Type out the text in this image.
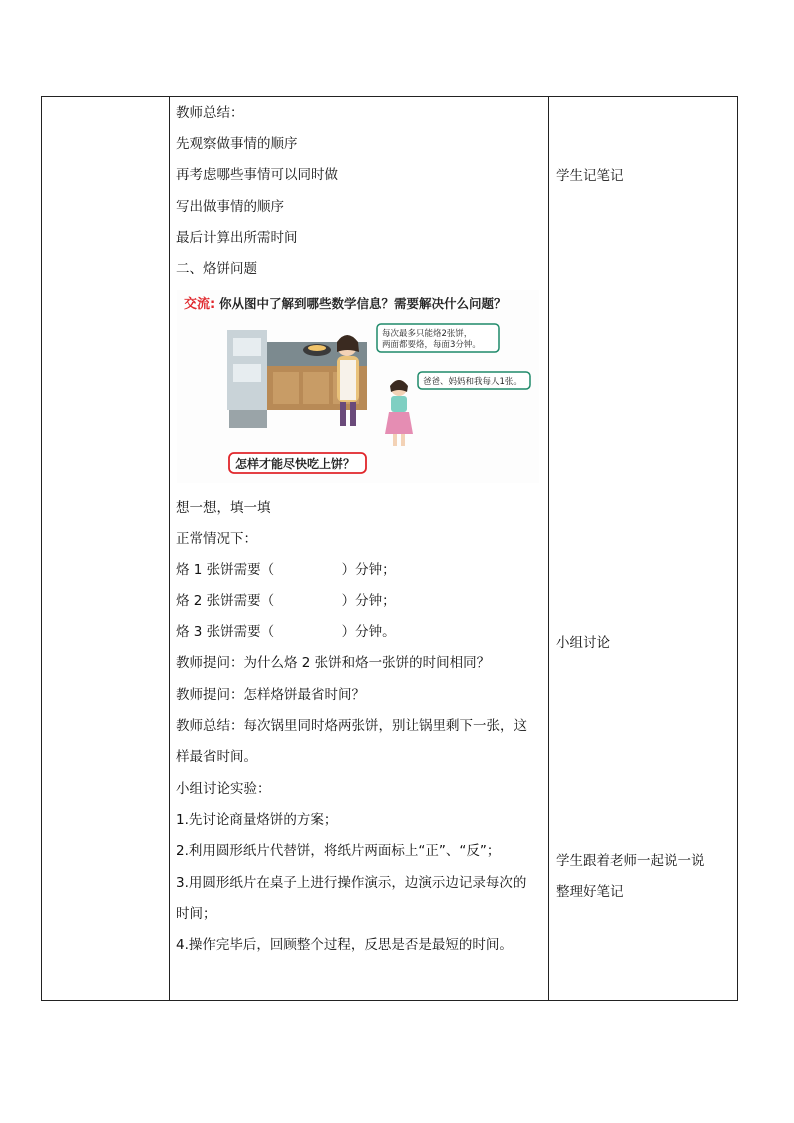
教师总结：
先观察做事情的顺序
再考虑哪些事情可以同时做
写出做事情的顺序
最后计算出所需时间
二、烙饼问题
想一想，填一填
正常情况下：
烙 1 张饼需要（　　　　　）分钟；
烙 2 张饼需要（　　　　　）分钟；
烙 3 张饼需要（　　　　　）分钟。
教师提问：为什么烙 2 张饼和烙一张饼的时间相同？
教师提问：怎样烙饼最省时间？
教师总结：每次锅里同时烙两张饼，别让锅里剩下一张，这
样最省时间。
小组讨论实验：
1.先讨论商量烙饼的方案；
2.利用圆形纸片代替饼，将纸片两面标上“正”、“反”；
3.用圆形纸片在桌子上进行操作演示，边演示边记录每次的
时间；
4.操作完毕后，回顾整个过程，反思是否是最短的时间。
交流: 你从图中了解到哪些数学信息？需要解决什么问题？
每次最多只能烙2张饼，
两面都要烙，每面3分钟。
爸爸、妈妈和我每人1张。
怎样才能尽快吃上饼？
学生记笔记
小组讨论
学生跟着老师一起说一说
整理好笔记
